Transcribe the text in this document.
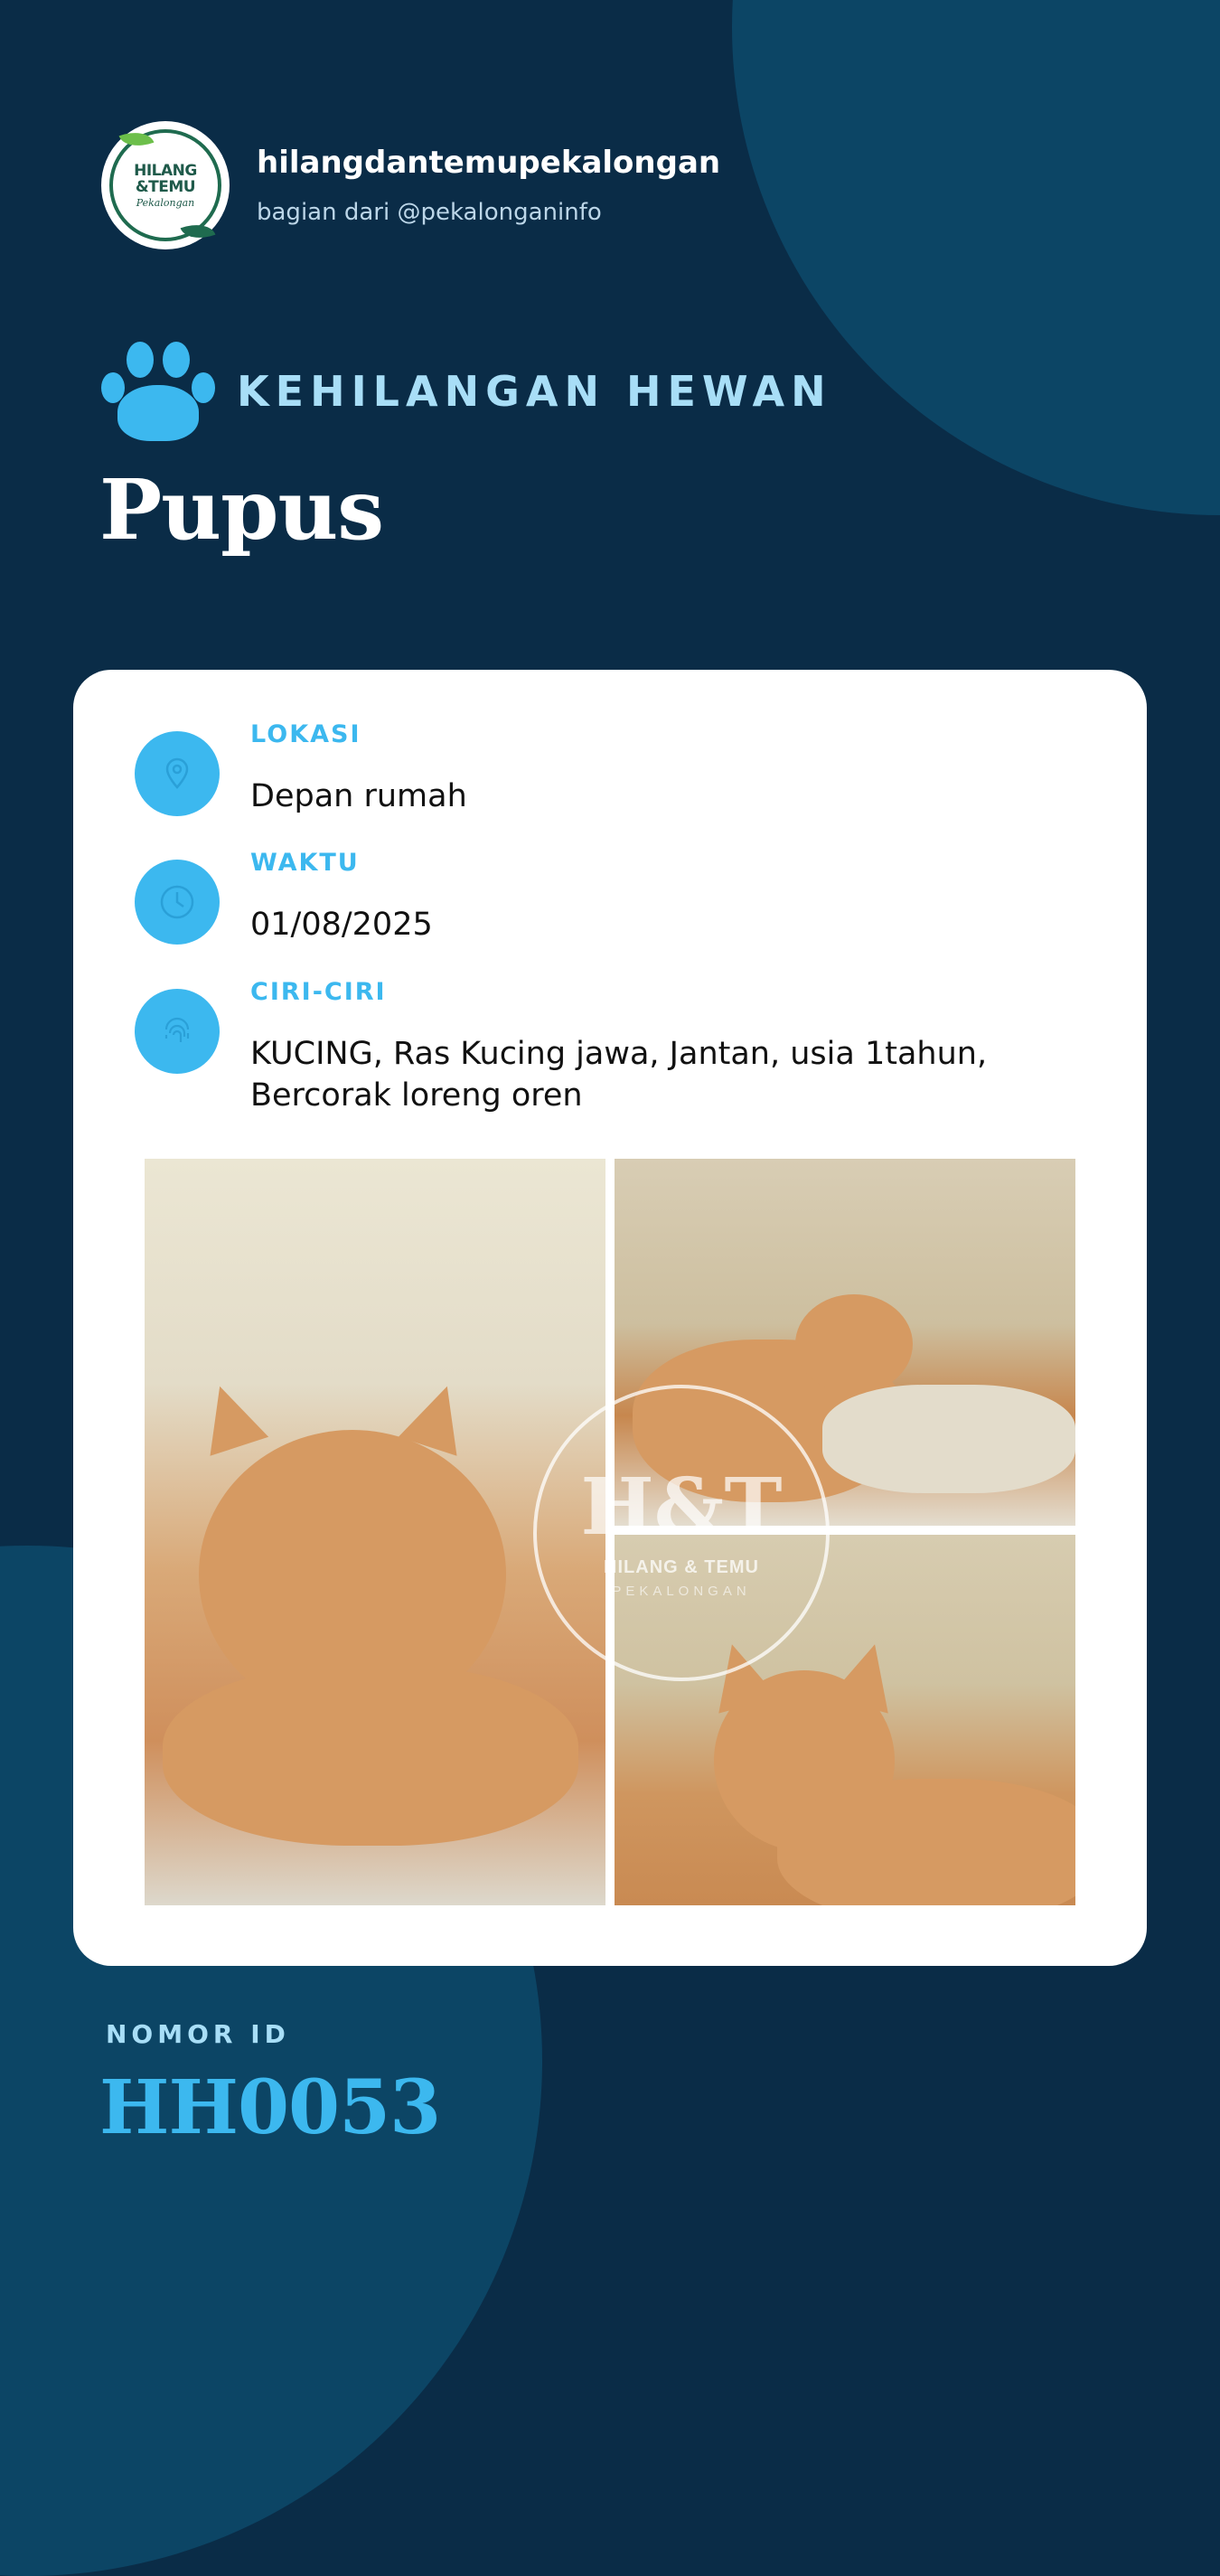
HILANG
&TEMU
Pekalongan
hilangdantemupekalongan
bagian dari @pekalonganinfo
KEHILANGAN HEWAN
Pupus
LOKASI
Depan rumah
WAKTU
01/08/2025
CIRI-CIRI
KUCING, Ras Kucing jawa, Jantan, usia 1tahun, Bercorak loreng oren
H&T
HILANG & TEMU
PEKALONGAN
NOMOR ID
HH0053
